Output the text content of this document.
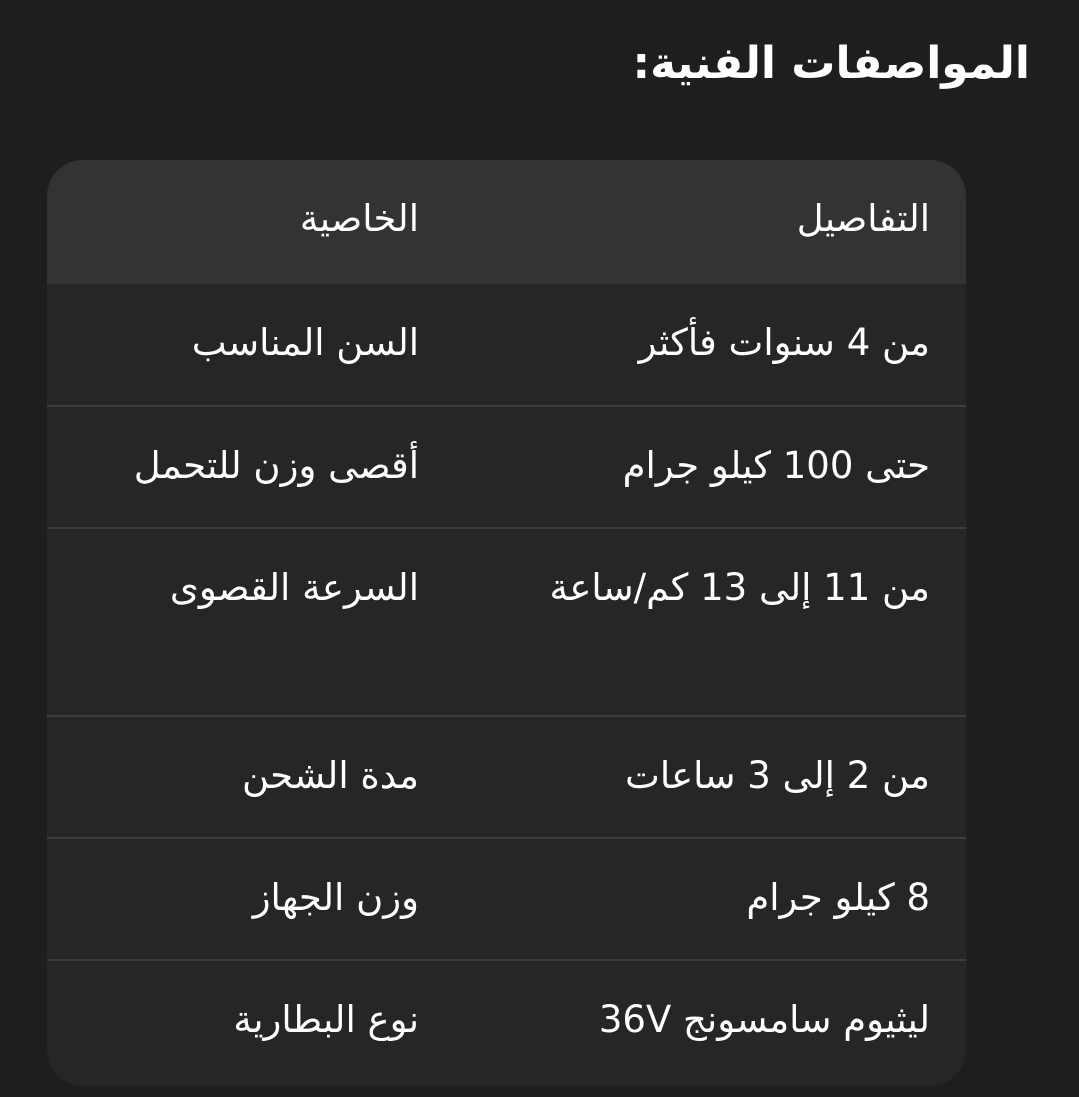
المواصفات الفنية:
التفاصيل	الخاصية
من 4 سنوات فأكثر	السن المناسب
حتى 100 كيلو جرام	أقصى وزن للتحمل
من 11 إلى 13 كم/ساعة	السرعة القصوى
من 2 إلى 3 ساعات	مدة الشحن
8 كيلو جرام	وزن الجهاز
ليثيوم سامسونج 36V	نوع البطارية
